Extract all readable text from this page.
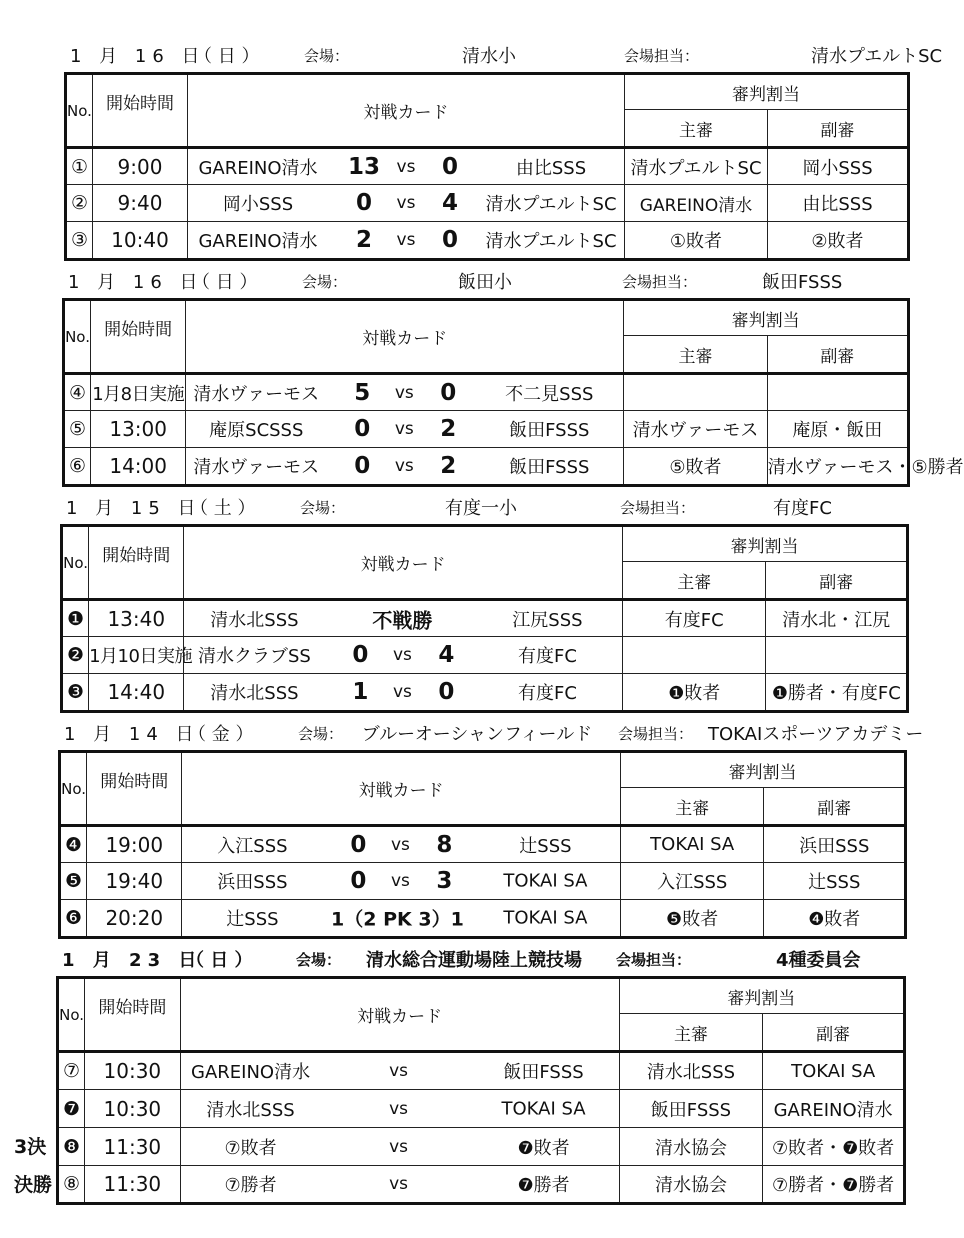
1 月 16 日
（ 日 ）	会場：	清水小	会場担当：	清水プエルトSC
No.	開始時間	対戦カード	審判割当	
			主審	副審
①	9:00	GAREINO清水 13 vs 0 由比SSS	清水プエルトSC	岡小SSS
②	9:40	岡小SSS 0 vs 4 清水プエルトSC	GAREINO清水	由比SSS
③	10:40	GAREINO清水 2 vs 0 清水プエルトSC	①敗者	②敗者
1 月 16 日
（ 日 ）	会場：	飯田小	会場担当：	飯田FSSS
No.	開始時間	対戦カード	審判割当	
			主審	副審
④	1月8日実施	清水ヴァーモス 5 vs 0 不二見SSS		

⑤	13:00	庵原SCSSS 0 vs 2 飯田FSSS	清水ヴァーモス	庵原・飯田
⑥	14:00	清水ヴァーモス 0 vs 2 飯田FSSS	⑤敗者	清水ヴァーモス・⑤勝者
1 月 15 日
（ 土 ）	会場：	有度一小	会場担当：	有度FC
No.	開始時間	対戦カード	審判割当	
			主審	副審
❶	13:40	清水北SSS 不戦勝 江尻SSS	有度FC	清水北・江尻
❷	1月10日実施	清水クラブSS 0 vs 4 有度FC		

❸	14:40	清水北SSS 1 vs 0 有度FC	❶敗者	❶勝者・有度FC
1 月 14 日
（ 金 ）	会場： ブルーオーシャンフィールド 会場担当： TOKAIスポーツアカデミー
No.	開始時間	対戦カード	審判割当	
			主審	副審
❹	19:00	入江SSS 0 vs 8 辻SSS	TOKAI SA	浜田SSS
❺	19:40	浜田SSS 0 vs 3 TOKAI SA	入江SSS	辻SSS
❻	20:20	辻SSS 1（2 PK 3）1 TOKAI SA	❺敗者	❹敗者
1 月 23 日
（ 日 ）	会場： 清水総合運動場陸上競技場 会場担当：	4種委員会
3決
決勝
No.	開始時間	対戦カード	審判割当	
			主審	副審
⑦	10:30	GAREINO清水 vs 飯田FSSS	清水北SSS	TOKAI SA
❼	10:30	清水北SSS vs TOKAI SA	飯田FSSS	GAREINO清水
❽	11:30	⑦敗者 vs ❼敗者	清水協会	⑦敗者・❼敗者
⑧	11:30	⑦勝者 vs ❼勝者	清水協会	⑦勝者・❼勝者
